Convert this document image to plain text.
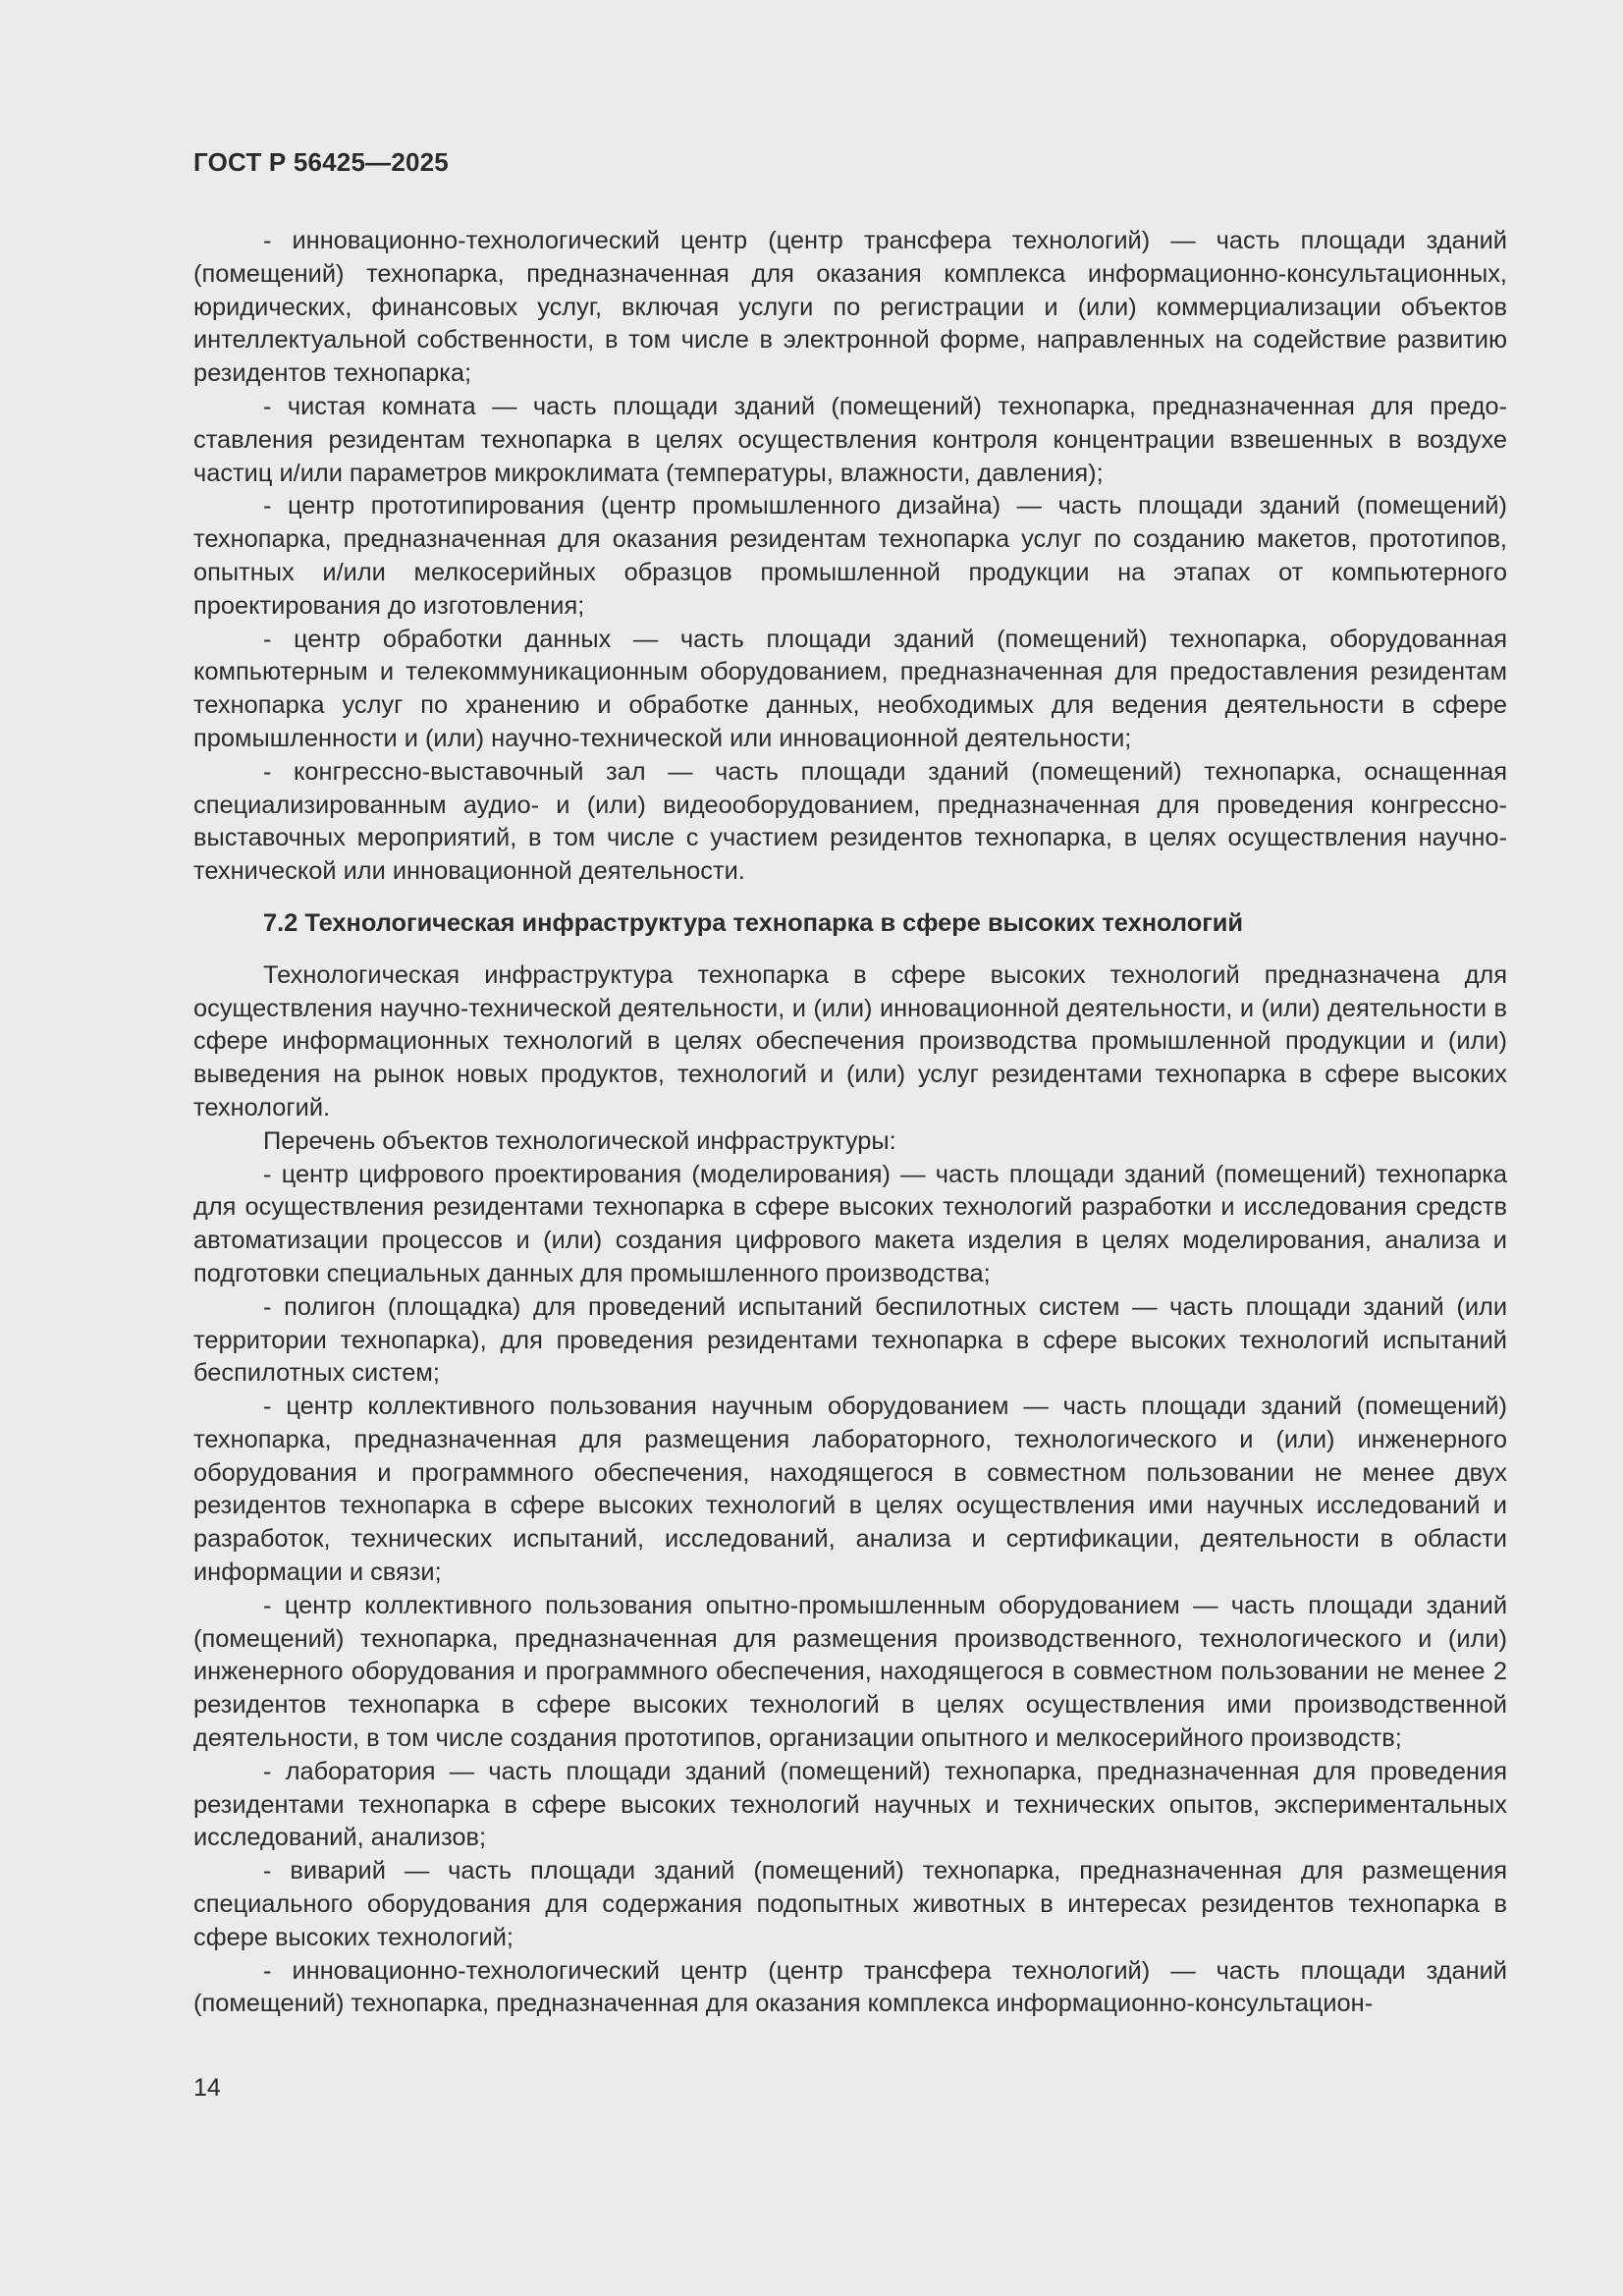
ГОСТ Р 56425—2025

- инновационно-технологический центр (центр трансфера технологий) — часть площади зданий (помещений) технопарка, предназначенная для оказания комплекса информационно-консультационных, юридических, финансовых услуг, включая услуги по регистрации и (или) коммерциализации объектов интеллектуальной собственности, в том числе в электронной форме, направленных на содействие развитию резидентов технопарка;

- чистая комната — часть площади зданий (помещений) технопарка, предназначенная для предоставления резидентам технопарка в целях осуществления контроля концентрации взвешенных в воздухе частиц и/или параметров микроклимата (температуры, влажности, давления);

- центр прототипирования (центр промышленного дизайна) — часть площади зданий (помещений) технопарка, предназначенная для оказания резидентам технопарка услуг по созданию макетов, прототипов, опытных и/или мелкосерийных образцов промышленной продукции на этапах от компьютерного проектирования до изготовления;

- центр обработки данных — часть площади зданий (помещений) технопарка, оборудованная компьютерным и телекоммуникационным оборудованием, предназначенная для предоставления резидентам технопарка услуг по хранению и обработке данных, необходимых для ведения деятельности в сфере промышленности и (или) научно-технической или инновационной деятельности;

- конгрессно-выставочный зал — часть площади зданий (помещений) технопарка, оснащенная специализированным аудио- и (или) видеооборудованием, предназначенная для проведения конгрессно-выставочных мероприятий, в том числе с участием резидентов технопарка, в целях осуществления научно-технической или инновационной деятельности.

7.2 Технологическая инфраструктура технопарка в сфере высоких технологий

Технологическая инфраструктура технопарка в сфере высоких технологий предназначена для осуществления научно-технической деятельности, и (или) инновационной деятельности, и (или) деятельности в сфере информационных технологий в целях обеспечения производства промышленной продукции и (или) выведения на рынок новых продуктов, технологий и (или) услуг резидентами технопарка в сфере высоких технологий.

Перечень объектов технологической инфраструктуры:

- центр цифрового проектирования (моделирования) — часть площади зданий (помещений) технопарка для осуществления резидентами технопарка в сфере высоких технологий разработки и исследования средств автоматизации процессов и (или) создания цифрового макета изделия в целях моделирования, анализа и подготовки специальных данных для промышленного производства;

- полигон (площадка) для проведений испытаний беспилотных систем — часть площади зданий (или территории технопарка), для проведения резидентами технопарка в сфере высоких технологий испытаний беспилотных систем;

- центр коллективного пользования научным оборудованием — часть площади зданий (помещений) технопарка, предназначенная для размещения лабораторного, технологического и (или) инженерного оборудования и программного обеспечения, находящегося в совместном пользовании не менее двух резидентов технопарка в сфере высоких технологий в целях осуществления ими научных исследований и разработок, технических испытаний, исследований, анализа и сертификации, деятельности в области информации и связи;

- центр коллективного пользования опытно-промышленным оборудованием — часть площади зданий (помещений) технопарка, предназначенная для размещения производственного, технологического и (или) инженерного оборудования и программного обеспечения, находящегося в совместном пользовании не менее 2 резидентов технопарка в сфере высоких технологий в целях осуществления ими производственной деятельности, в том числе создания прототипов, организации опытного и мелкосерийного производств;

- лаборатория — часть площади зданий (помещений) технопарка, предназначенная для проведения резидентами технопарка в сфере высоких технологий научных и технических опытов, экспериментальных исследований, анализов;

- виварий — часть площади зданий (помещений) технопарка, предназначенная для размещения специального оборудования для содержания подопытных животных в интересах резидентов технопарка в сфере высоких технологий;

- инновационно-технологический центр (центр трансфера технологий) — часть площади зданий (помещений) технопарка, предназначенная для оказания комплекса информационно-консультацион-

14
